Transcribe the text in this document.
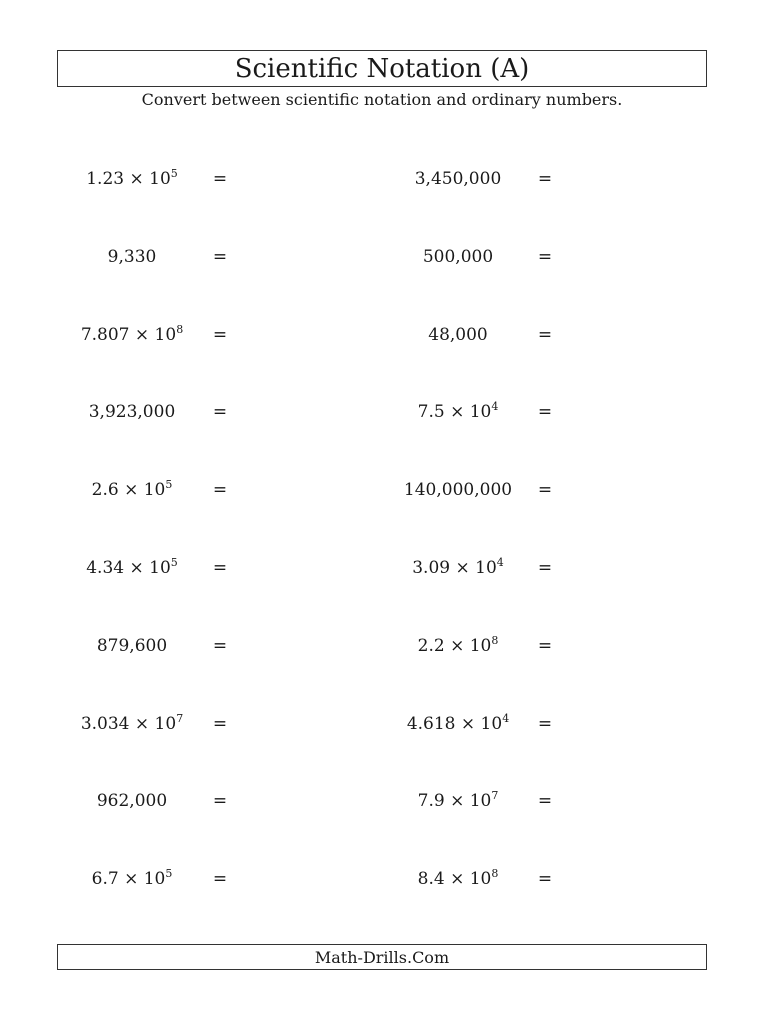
Scientific Notation (A)
Convert between scientific notation and ordinary numbers.
$1.23 \times 10^5$	=	3,450,000	=
9,330	=	500,000	=
$7.807 \times 10^8$	=	48,000	=
3,923,000	=	$7.5 \times 10^4$	=
$2.6 \times 10^5$	=	140,000,000	=
$4.34 \times 10^5$	=	$3.09 \times 10^4$	=
879,600	=	$2.2 \times 10^8$	=
$3.034 \times 10^7$	=	$4.618 \times 10^4$	=
962,000	=	$7.9 \times 10^7$	=
$6.7 \times 10^5$	=	$8.4 \times 10^8$	=
Math-Drills.Com
